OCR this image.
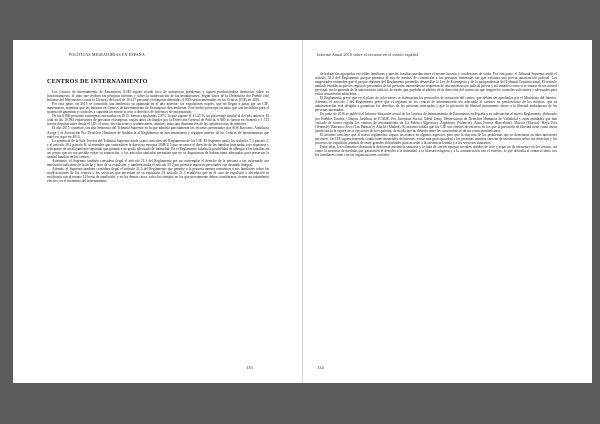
POLÍTICAS MIGRATORIAS EN ESPAÑA
CENTROS DE INTERNAMIENTO

Los Centros de Internamiento de Extranjeros (CIE) siguen siendo foco de numerosos problemas y siguen produciéndose denuncias sobre su funcionamiento, el trato que reciben las personas internas y sobre la inadecuación de las instalaciones. Según datos de la Defensoría del Pueblo (del Informe del Mecanismo contra la Tortura), del total de 10.127 personas extranjeras detenidas, 6.930 fueron internadas en los Centros (CIE) en 2016.

Por otra parte, en 2015 se consolidó una tendencia ya apuntada en el año anterior: las expulsiones exprés, que no llegan a pasar por un CIE, aumentaron, mientras que las internas en Centros de Internamiento de Extranjeros descendieron. Este hecho preocupa en tanto que son invisibles para el sistema de garantías y controles y suponen un menor acceso a derechos de defensa y de información.

De las 6.930 personas extranjeras internadas en 2015, fueron expulsadas 2.871, lo que supone el 41,43 %, un porcentaje similar al del año anterior. El total de las 10.994 expulsiones de personas extranjeras, según datos facilitados por la Dirección General de Policía, 6.869 lo fueron en frontera y 1.723 fueron deportaciones desde el CIE; el resto, devoluciones y readmisiones; además, hubo una disminución de las repatriaciones de menores.

El año 2015 comenzó con una Sentencia del Tribunal Supremo en la que admitió parcialmente los recursos presentados por SOS Racismo, Andalucía Acoge y la Asociación Pro Derechos Humanos de Andalucía al Reglamento de funcionamiento y régimen interior de los Centros de Internamiento que entró en vigor en 2014.

La sentencia de la Sala Tercera del Tribunal Supremo anula cuatro artículos del Reglamento de los CIE. El Supremo anula los artículos 7.3 párrafo 2, y el artículo 16.2 párrafo K, al entender que contradicen la directiva europea 2008/115 que reconoce el derecho de las familias internadas a no separarse y a disponer de un alojamiento separado que garantice un grado adecuado de intimidad. En el Reglamento faltaba la posibilidad de albergar a las familias en un centro que no era posible evitar su separación, y los artículos anulados permitían que no se dispusieran de habitaciones adecuadas para preservar la unidad familiar en los centros.

Asimismo, el Supremo también considera ilegal el artículo 21.3 del Reglamento por no contemplar el derecho de la persona a ser informada con antelación suficiente de la fecha y hora de su expulsión, y también anula el artículo 55.2 por permitir registros personales con desnudo integral.

Además, el Supremo también considera ilegal el artículo 21.3 del Reglamento que permite a la persona interna comunicar a sus familiares sobre las modificaciones de los centros y los servicios que necesiten en su expulsión. El artículo 21.3 establecía que en el caso de expulsión o devolución se notificaría con al menos 12 horas de antelación, y en los demás casos, salvo los tiempos en los que previamente deben considerarse, tienen un tratamiento efectivo en el momento del internamiento.

133
Informe Anual 2016 sobre el racismo en el estado español

de habitación agrupados en celdas familiares y que las familias puedan tener el mismo horario y condiciones de visita. Por otra parte, el Tribunal Supremo anuló el artículo 55.2 del Reglamento porque permitía el uso de medios de contención a las personas internadas sin que existiera una previa autorización judicial. Los magistrados entienden que el propio régimen del Reglamento pretendía desarrollar la Ley de Extranjería y de la jurisprudencia del Tribunal Constitucional. El artículo anulado establecía que los registros personales de las personas internadas no requerían de una autorización judicial previa y así tratarlos como si se tratase de un control personal, sin la garantía de la autorización judicial, de modo que quedaba al arbitrio de la dirección del centro sin que tengan los controles suficientes y adecuados para evitar actuaciones arbitrarias.

El Reglamento prevé que en el plazo de ocho meses se elaborarían los protocolos de actuación del centro, que debían ser aprobados por el Ministerio del Interior. Además, el artículo 1 del Reglamento prevé que el régimen de los centros de internamiento sea adecuado al carácter no penitenciario de los mismos, que su administración esté dirigida a garantizar los derechos de las personas internadas y que la privación de libertad únicamente afecte a la libertad ambulatoria de las personas internadas.

En junio de 2016 se publicó el Informe Situación actual de los Centros de Internamiento de Extranjeros en España y su adecuación al nuevo Reglamento, elaborado por Pueblos Unidos, Clínicas Jurídicas de ICADE, Pro Juventute Social, Ödeal Unity, Observatorio de Derechos Humanos de Valladolid y otras entidades que han visitado de forma regular los centros de internamiento de La Piñera (Algeciras), Zapadores (Valencia), Zona Franca (Barcelona), Murcia (Murcia), Hoya Fría (Tenerife), Barranco Seco (Las Palmas) y Aluche (Madrid). El informe señala que los CIE son centros de encierro en los que la privación de libertad tiene como única justificación la espera de la ejecución de la expulsión, de modo que no debería tener las características de un centro penitenciario.

El informe concluye que el nuevo reglamento supuso un avance en algunos aspectos, pero que la mayoría de los problemas que se detectaron en años anteriores persisten: los CIE siguen teniendo condiciones materiales deficientes, existe una gran opacidad y las personas internas carecen de información sobre sus derechos y los procesos de expulsión, además de tener grandes dificultades para acceder a la asistencia letrada y a los servicios sanitarios.

Entre ellas, los voluntarios destacan la deficiente asistencia sanitaria y la falta de ciertos equipos sociales, medios de ocio y espacios de encuentro en los centros, así como la ausencia de medidas que garanticen el derecho a la intimidad, a la libertad religiosa y a la comunicación con el exterior, lo que dificulta el contacto tanto con los familiares como con las organizaciones sociales.

134
